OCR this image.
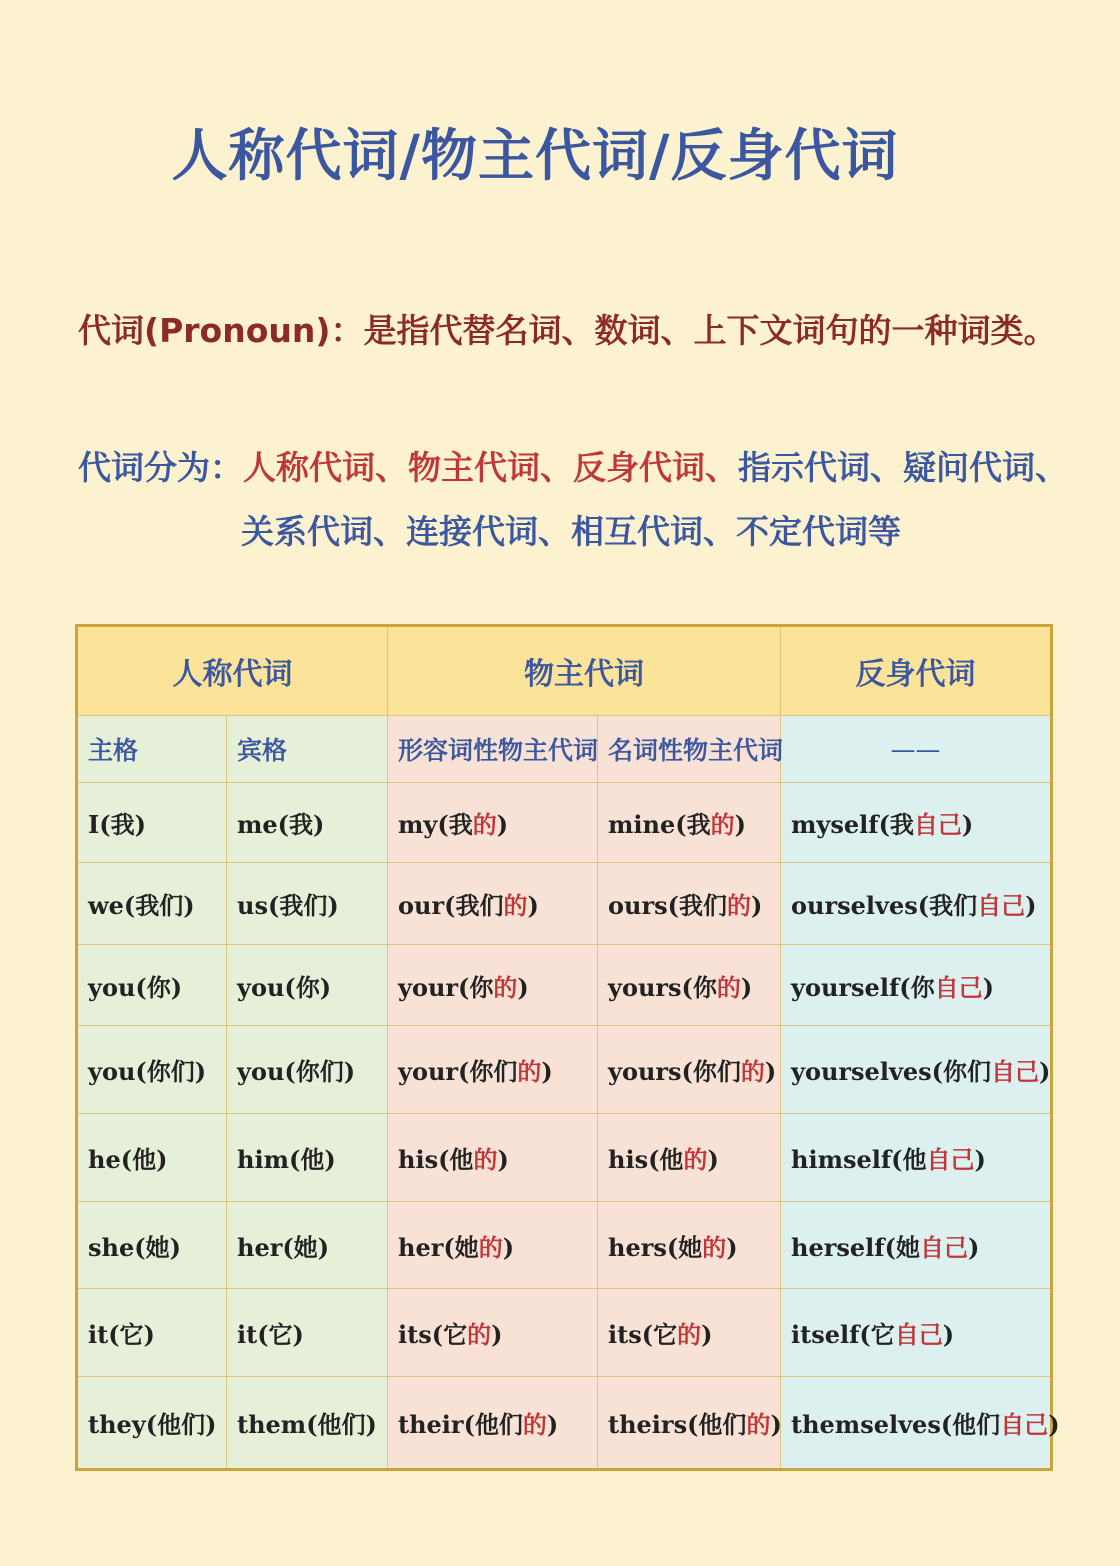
人称代词/物主代词/反身代词
代词(Pronoun)：是指代替名词、数词、上下文词句的一种词类。
代词分为：人称代词、物主代词、反身代词、指示代词、疑问代词、
关系代词、连接代词、相互代词、不定代词等
人称代词		物主代词		反身代词
主格	宾格	形容词性物主代词	名词性物主代词	——
I(我)	me(我)	my(我的)	mine(我的)	myself(我自己)
we(我们)	us(我们)	our(我们的)	ours(我们的)	ourselves(我们自己)
you(你)	you(你)	your(你的)	yours(你的)	yourself(你自己)
you(你们)	you(你们)	your(你们的)	yours(你们的)	yourselves(你们自己)
he(他)	him(他)	his(他的)	his(他的)	himself(他自己)
she(她)	her(她)	her(她的)	hers(她的)	herself(她自己)
it(它)	it(它)	its(它的)	its(它的)	itself(它自己)
they(他们)	them(他们)	their(他们的)	theirs(他们的)	themselves(他们自己)
